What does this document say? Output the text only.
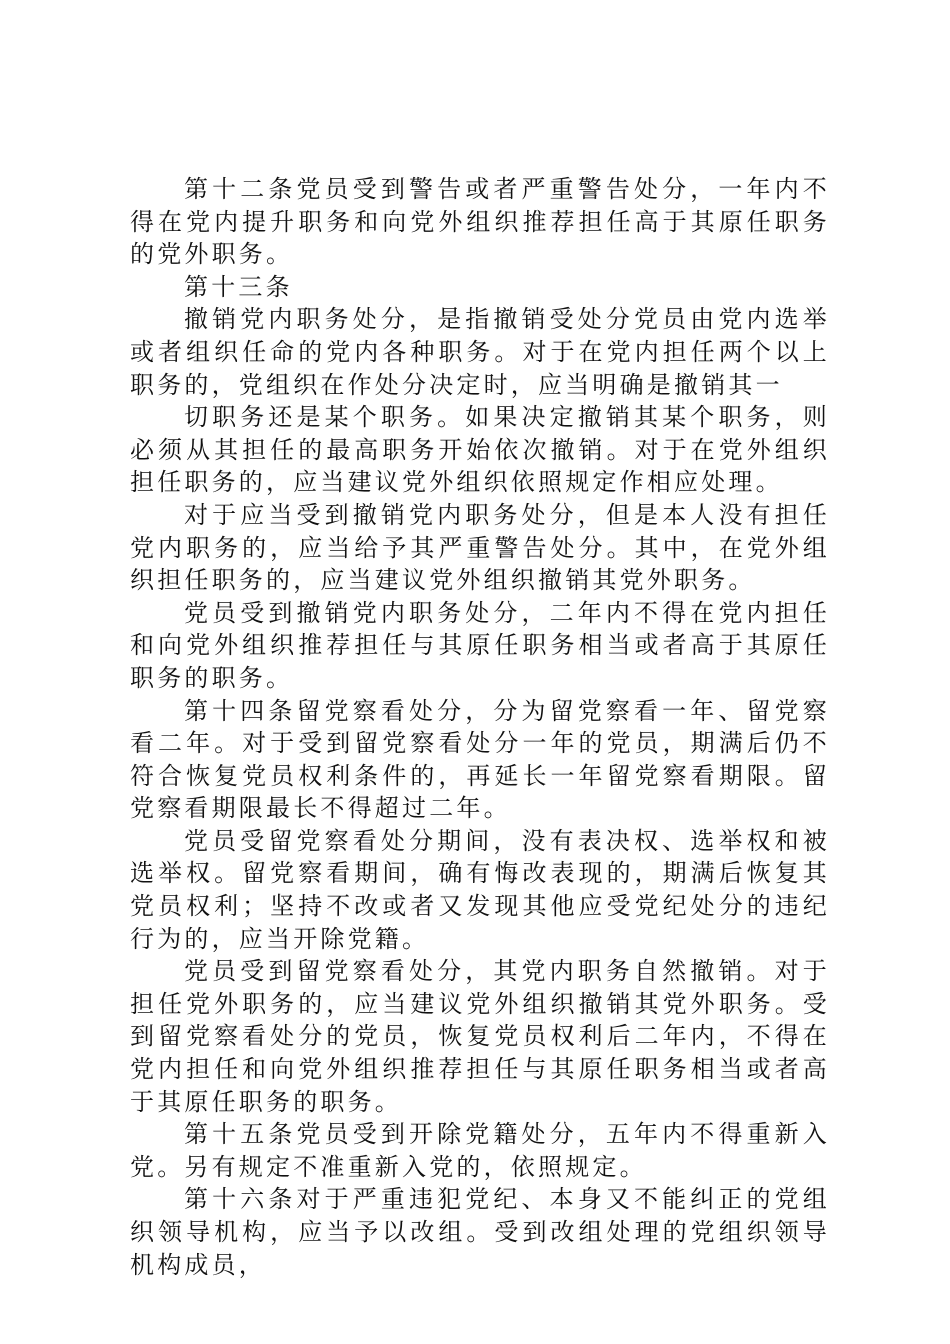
第十二条党员受到警告或者严重警告处分，一年内不得在党内提升职务和向党外组织推荐担任高于其原任职务的党外职务。

第十三条

撤销党内职务处分，是指撤销受处分党员由党内选举或者组织任命的党内各种职务。对于在党内担任两个以上职务的，党组织在作处分决定时，应当明确是撤销其一

切职务还是某个职务。如果决定撤销其某个职务，则必须从其担任的最高职务开始依次撤销。对于在党外组织担任职务的，应当建议党外组织依照规定作相应处理。

对于应当受到撤销党内职务处分，但是本人没有担任党内职务的，应当给予其严重警告处分。其中，在党外组织担任职务的，应当建议党外组织撤销其党外职务。

党员受到撤销党内职务处分，二年内不得在党内担任和向党外组织推荐担任与其原任职务相当或者高于其原任职务的职务。

第十四条留党察看处分，分为留党察看一年、留党察看二年。对于受到留党察看处分一年的党员，期满后仍不符合恢复党员权利条件的，再延长一年留党察看期限。留党察看期限最长不得超过二年。

党员受留党察看处分期间，没有表决权、选举权和被选举权。留党察看期间，确有悔改表现的，期满后恢复其党员权利；坚持不改或者又发现其他应受党纪处分的违纪行为的，应当开除党籍。

党员受到留党察看处分，其党内职务自然撤销。对于担任党外职务的，应当建议党外组织撤销其党外职务。受到留党察看处分的党员，恢复党员权利后二年内，不得在党内担任和向党外组织推荐担任与其原任职务相当或者高于其原任职务的职务。

第十五条党员受到开除党籍处分，五年内不得重新入党。另有规定不准重新入党的，依照规定。

第十六条对于严重违犯党纪、本身又不能纠正的党组织领导机构，应当予以改组。受到改组处理的党组织领导机构成员，
